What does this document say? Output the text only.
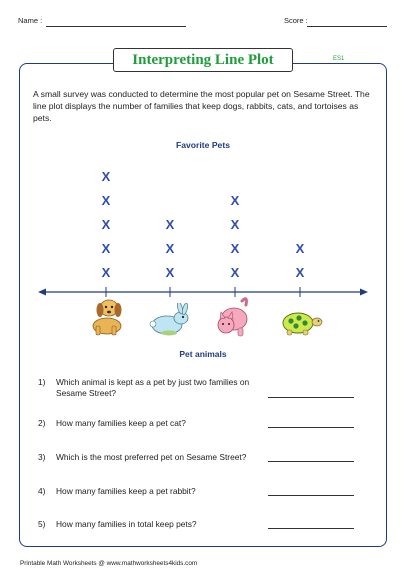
Name :	Score :
Interpreting Line Plot	ES1
A small survey was conducted to determine the most popular pet on Sesame Street. The line plot displays the number of families that keep dogs, rabbits, cats, and tortoises as pets.
Favorite Pets
X
X
X
X
X
X
X
X
X
X
X
X
X
X
Pet animals
1) Which animal is kept as a pet by just two families on Sesame Street?
2) How many families keep a pet cat?
3) Which is the most preferred pet on Sesame Street?
4) How many families keep a pet rabbit?
5) How many families in total keep pets?
Printable Math Worksheets @ www.mathworksheets4kids.com
